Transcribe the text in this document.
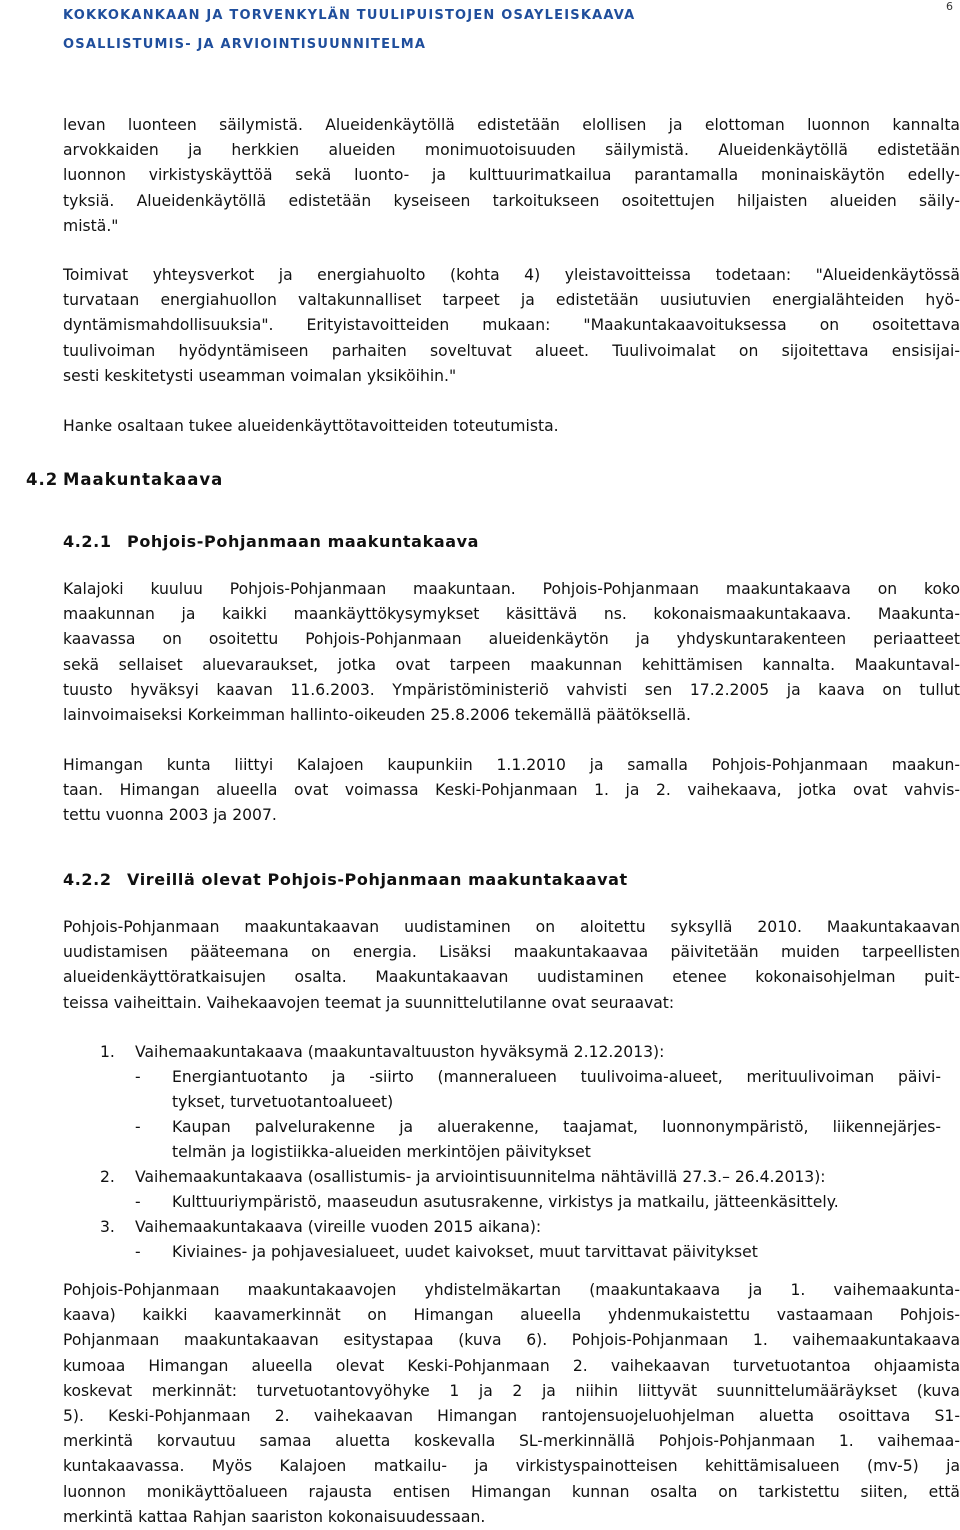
KOKKOKANKAAN JA TORVENKYLÄN TUULIPUISTOJEN OSAYLEISKAAVA
OSALLISTUMIS- JA ARVIOINTISUUNNITELMA
6
levan luonteen säilymistä. Alueidenkäytöllä edistetään elollisen ja elottoman luonnon kannalta
arvokkaiden ja herkkien alueiden monimuotoisuuden säilymistä. Alueidenkäytöllä edistetään
luonnon virkistyskäyttöä sekä luonto- ja kulttuurimatkailua parantamalla moninaiskäytön edelly-
tyksiä. Alueidenkäytöllä edistetään kyseiseen tarkoitukseen osoitettujen hiljaisten alueiden säily-
mistä."
Toimivat yhteysverkot ja energiahuolto (kohta 4) yleistavoitteissa todetaan: "Alueidenkäytössä
turvataan energiahuollon valtakunnalliset tarpeet ja edistetään uusiutuvien energialähteiden hyö-
dyntämismahdollisuuksia". Erityistavoitteiden mukaan: "Maakuntakaavoituksessa on osoitettava
tuulivoiman hyödyntämiseen parhaiten soveltuvat alueet. Tuulivoimalat on sijoitettava ensisijai-
sesti keskitetysti useamman voimalan yksiköihin."
Hanke osaltaan tukee alueidenkäyttötavoitteiden toteutumista.
4.2 Maakuntakaava
4.2.1 Pohjois-Pohjanmaan maakuntakaava
Kalajoki kuuluu Pohjois-Pohjanmaan maakuntaan. Pohjois-Pohjanmaan maakuntakaava on koko
maakunnan ja kaikki maankäyttökysymykset käsittävä ns. kokonaismaakuntakaava. Maakunta-
kaavassa on osoitettu Pohjois-Pohjanmaan alueidenkäytön ja yhdyskuntarakenteen periaatteet
sekä sellaiset aluevaraukset, jotka ovat tarpeen maakunnan kehittämisen kannalta. Maakuntaval-
tuusto hyväksyi kaavan 11.6.2003. Ympäristöministeriö vahvisti sen 17.2.2005 ja kaava on tullut
lainvoimaiseksi Korkeimman hallinto-oikeuden 25.8.2006 tekemällä päätöksellä.
Himangan kunta liittyi Kalajoen kaupunkiin 1.1.2010 ja samalla Pohjois-Pohjanmaan maakun-
taan. Himangan alueella ovat voimassa Keski-Pohjanmaan 1. ja 2. vaihekaava, jotka ovat vahvis-
tettu vuonna 2003 ja 2007.
4.2.2 Vireillä olevat Pohjois-Pohjanmaan maakuntakaavat
Pohjois-Pohjanmaan maakuntakaavan uudistaminen on aloitettu syksyllä 2010. Maakuntakaavan
uudistamisen pääteemana on energia. Lisäksi maakuntakaavaa päivitetään muiden tarpeellisten
alueidenkäyttöratkaisujen osalta. Maakuntakaavan uudistaminen etenee kokonaisohjelman puit-
teissa vaiheittain. Vaihekaavojen teemat ja suunnittelutilanne ovat seuraavat:
1. Vaihemaakuntakaava (maakuntavaltuuston hyväksymä 2.12.2013):
- Energiantuotanto ja -siirto (manneralueen tuulivoima-alueet, merituulivoiman päivi-
tykset, turvetuotantoalueet)
- Kaupan palvelurakenne ja aluerakenne, taajamat, luonnonympäristö, liikennejärjes-
telmän ja logistiikka-alueiden merkintöjen päivitykset
2. Vaihemaakuntakaava (osallistumis- ja arviointisuunnitelma nähtävillä 27.3.– 26.4.2013):
- Kulttuuriympäristö, maaseudun asutusrakenne, virkistys ja matkailu, jätteenkäsittely.
3. Vaihemaakuntakaava (vireille vuoden 2015 aikana):
- Kiviaines- ja pohjavesialueet, uudet kaivokset, muut tarvittavat päivitykset
Pohjois-Pohjanmaan maakuntakaavojen yhdistelmäkartan (maakuntakaava ja 1. vaihemaakunta-
kaava) kaikki kaavamerkinnät on Himangan alueella yhdenmukaistettu vastaamaan Pohjois-
Pohjanmaan maakuntakaavan esitystapaa (kuva 6). Pohjois-Pohjanmaan 1. vaihemaakuntakaava
kumoaa Himangan alueella olevat Keski-Pohjanmaan 2. vaihekaavan turvetuotantoa ohjaamista
koskevat merkinnät: turvetuotantovyöhyke 1 ja 2 ja niihin liittyvät suunnittelumääräykset (kuva
5). Keski-Pohjanmaan 2. vaihekaavan Himangan rantojensuojeluohjelman aluetta osoittava S1-
merkintä korvautuu samaa aluetta koskevalla SL-merkinnällä Pohjois-Pohjanmaan 1. vaihemaa-
kuntakaavassa. Myös Kalajoen matkailu- ja virkistyspainotteisen kehittämisalueen (mv-5) ja
luonnon monikäyttöalueen rajausta entisen Himangan kunnan osalta on tarkistettu siiten, että
merkintä kattaa Rahjan saariston kokonaisuudessaan.
